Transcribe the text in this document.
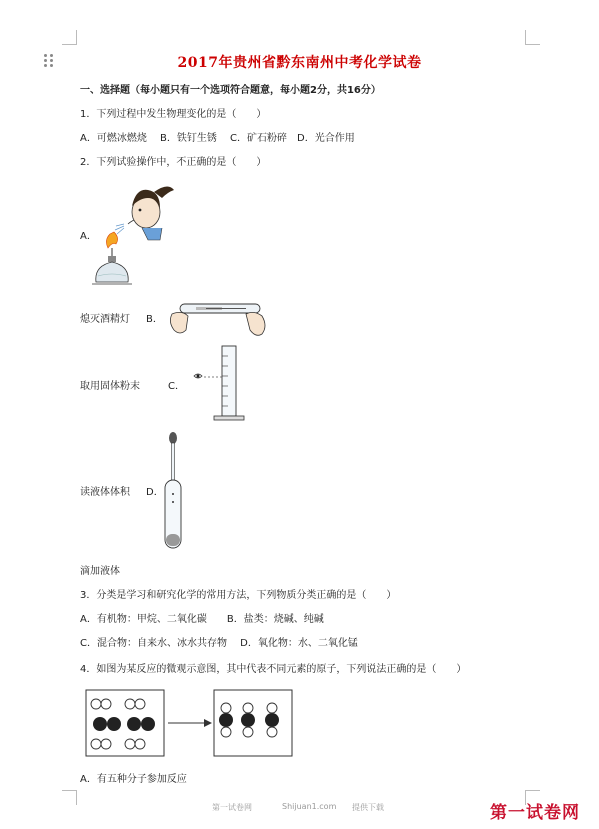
2017年贵州省黔东南州中考化学试卷
一、选择题（每小题只有一个选项符合题意，每小题2分，共16分）
1．下列过程中发生物理变化的是（　　）
A．可燃冰燃烧　 B．铁钉生锈　 C．矿石粉碎　D．光合作用
2．下列试验操作中，不正确的是（　　）
A．
熄灭酒精灯 B．
取用固体粉末	C．
读液体体积 D．
滴加液体
3．分类是学习和研究化学的常用方法，下列物质分类正确的是（　　）
A．有机物：甲烷、二氧化碳　　B．盐类：烧碱、纯碱
C．混合物：自来水、冰水共存物　 D．氧化物：水、二氧化锰
4．如图为某反应的微观示意图，其中代表不同元素的原子，下列说法正确的是（　　）
A．有五种分子参加反应
第一试卷网	Shijuan1.com 提供下载	第一试卷网
